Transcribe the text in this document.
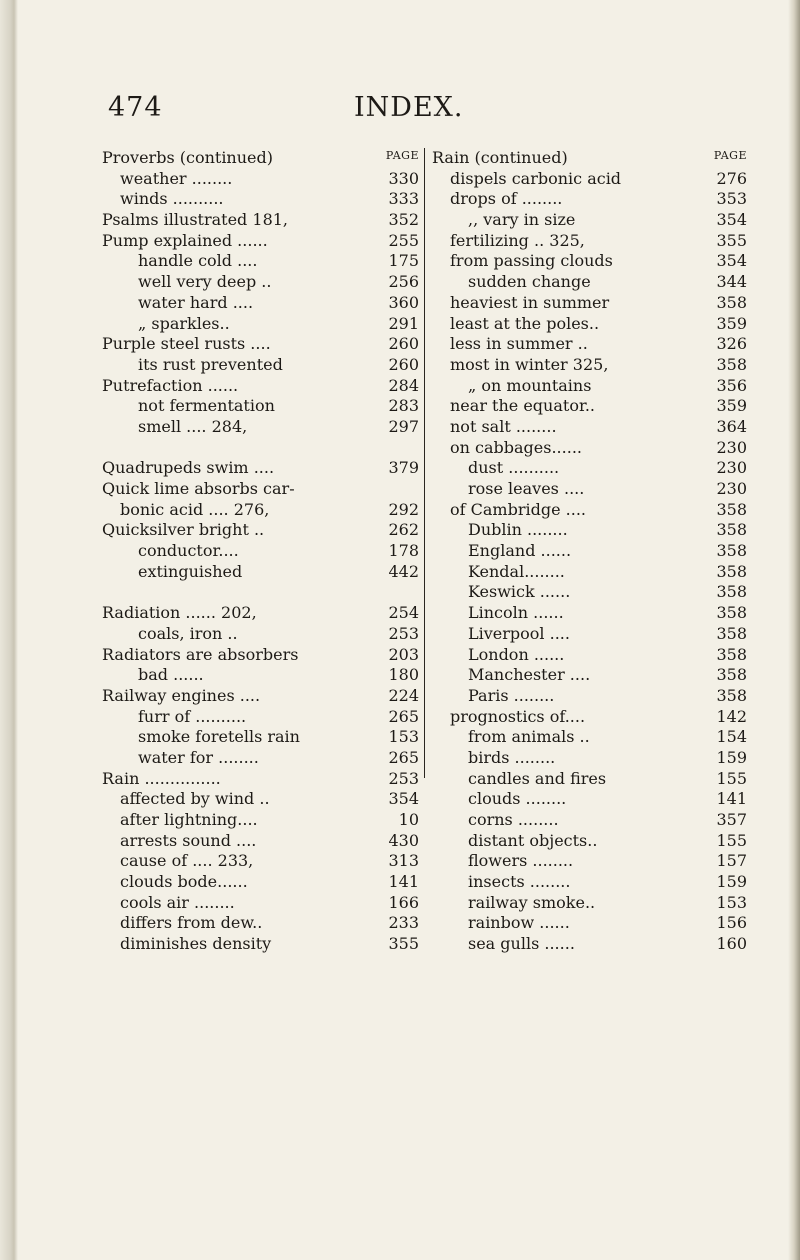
474	INDEX.
Proverbs (continued)	PAGE
weather ........	330
winds ..........	333
Psalms illustrated 181,	352
Pump explained ......	255
handle cold ....	175
well very deep ..	256
water hard ....	360
„ sparkles..	291
Purple steel rusts ....	260
its rust prevented	260
Putrefaction ......	284
not fermentation	283
smell .... 284,	297
Quadrupeds swim ....	379
Quick lime absorbs car-
bonic acid .... 276,	292
Quicksilver bright ..	262
conductor....	178
extinguished	442
Radiation ...... 202,	254
coals, iron ..	253
Radiators are absorbers	203
bad ......	180
Railway engines ....	224
furr of ..........	265
smoke foretells rain	153
water for ........	265
Rain ...............	253
affected by wind ..	354
after lightning....	10
arrests sound ....	430
cause of .... 233,	313
clouds bode......	141
cools air ........	166
differs from dew..	233
diminishes density	355
Rain (continued)	PAGE
dispels carbonic acid	276
drops of ........	353
,, vary in size	354
fertilizing .. 325,	355
from passing clouds	354
sudden change	344
heaviest in summer	358
least at the poles..	359
less in summer ..	326
most in winter 325,	358
„ on mountains	356
near the equator..	359
not salt ........	364
on cabbages......	230
dust ..........	230
rose leaves ....	230
of Cambridge ....	358
Dublin ........	358
England ......	358
Kendal........	358
Keswick ......	358
Lincoln ......	358
Liverpool ....	358
London ......	358
Manchester ....	358
Paris ........	358
prognostics of....	142
from animals ..	154
birds ........	159
candles and fires	155
clouds ........	141
corns ........	357
distant objects..	155
flowers ........	157
insects ........	159
railway smoke..	153
rainbow ......	156
sea gulls ......	160
